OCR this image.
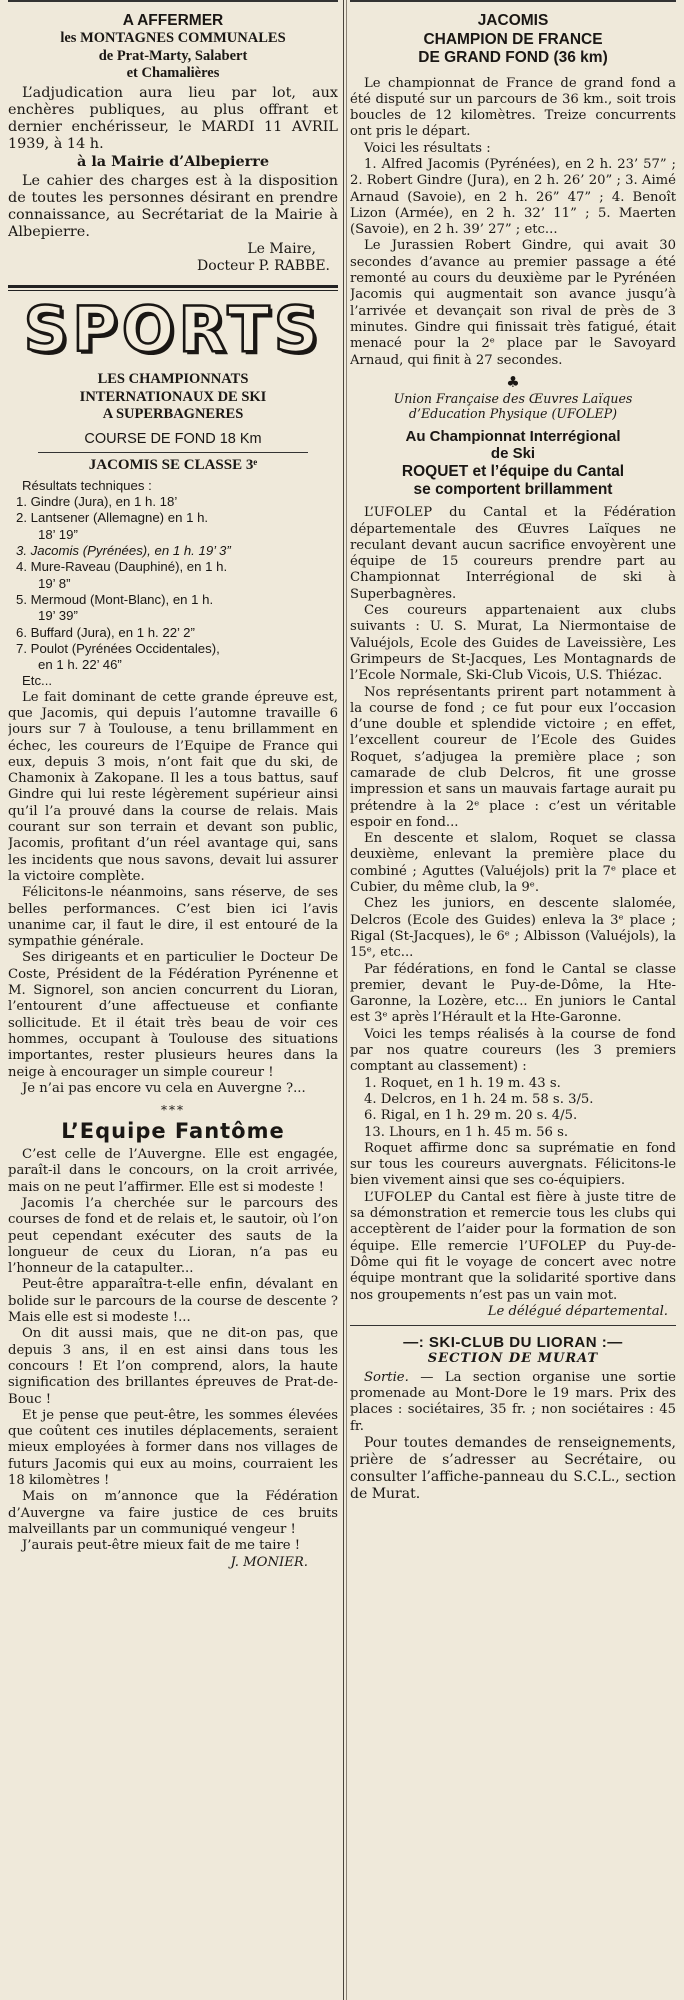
A AFFERMER
les MONTAGNES COMMUNALES
de Prat-Marty, Salabert
et Chamalières

L’adjudication aura lieu par lot, aux enchères publiques, au plus offrant et dernier enchérisseur, le MARDI 11 AVRIL 1939, à 14 h.

à la Mairie d’Albepierre

Le cahier des charges est à la disposition de toutes les personnes désirant en prendre connaissance, au Secrétariat de la Mairie à Albepierre.

Le Maire,

Docteur P. RABBE.

SPORTS
LES CHAMPIONNATS
INTERNATIONAUX DE SKI
A SUPERBAGNERES
COURSE DE FOND 18 Km
JACOMIS SE CLASSE 3ᵉ
Résultats techniques :
1. Gindre (Jura), en 1 h. 18’
2. Lantsener (Allemagne) en 1 h.
18’ 19”
3. Jacomis (Pyrénées), en 1 h. 19’ 3”
4. Mure-Raveau (Dauphiné), en 1 h.
19’ 8”
5. Mermoud (Mont-Blanc), en 1 h.
19’ 39”
6. Buffard (Jura), en 1 h. 22’ 2”
7. Poulot (Pyrénées Occidentales),
en 1 h. 22’ 46”
Etc...

Le fait dominant de cette grande épreuve est, que Jacomis, qui depuis l’automne travaille 6 jours sur 7 à Toulouse, a tenu brillamment en échec, les coureurs de l’Equipe de France qui eux, depuis 3 mois, n’ont fait que du ski, de Chamonix à Zakopane. Il les a tous battus, sauf Gindre qui lui reste légèrement supérieur ainsi qu’il l’a prouvé dans la course de relais. Mais courant sur son terrain et devant son public, Jacomis, profitant d’un réel avantage qui, sans les incidents que nous savons, devait lui assurer la victoire complète.

Félicitons-le néanmoins, sans réserve, de ses belles performances. C’est bien ici l’avis unanime car, il faut le dire, il est entouré de la sympathie générale.

Ses dirigeants et en particulier le Docteur De Coste, Président de la Fédération Pyrénenne et M. Signorel, son ancien concurrent du Lioran, l’entourent d’une affectueuse et confiante sollicitude. Et il était très beau de voir ces hommes, occupant à Toulouse des situations importantes, rester plusieurs heures dans la neige à encourager un simple coureur !

Je n’ai pas encore vu cela en Auvergne ?...

***
L’Equipe Fantôme

C’est celle de l’Auvergne. Elle est engagée, paraît-il dans le concours, on la croit arrivée, mais on ne peut l’affirmer. Elle est si modeste !

Jacomis l’a cherchée sur le parcours des courses de fond et de relais et, le sautoir, où l’on peut cependant exécuter des sauts de la longueur de ceux du Lioran, n’a pas eu l’honneur de la catapulter...

Peut-être apparaîtra-t-elle enfin, dévalant en bolide sur le parcours de la course de descente ? Mais elle est si modeste !...

On dit aussi mais, que ne dit-on pas, que depuis 3 ans, il en est ainsi dans tous les concours ! Et l’on comprend, alors, la haute signification des brillantes épreuves de Prat-de-Bouc !

Et je pense que peut-être, les sommes élevées que coûtent ces inutiles déplacements, seraient mieux employées à former dans nos villages de futurs Jacomis qui eux au moins, courraient les 18 kilomètres !

Mais on m’annonce que la Fédération d’Auvergne va faire justice de ces bruits malveillants par un communiqué vengeur !

J’aurais peut-être mieux fait de me taire !
J. MONIER.
JACOMIS
CHAMPION DE FRANCE
DE GRAND FOND (36 km)

Le championnat de France de grand fond a été disputé sur un parcours de 36 km., soit trois boucles de 12 kilomètres. Treize concurrents ont pris le départ.

Voici les résultats :

1. Alfred Jacomis (Pyrénées), en 2 h. 23’ 57” ; 2. Robert Gindre (Jura), en 2 h. 26’ 20” ; 3. Aimé Arnaud (Savoie), en 2 h. 26” 47” ; 4. Benoît Lizon (Armée), en 2 h. 32’ 11” ; 5. Maerten (Savoie), en 2 h. 39’ 27” ; etc...

Le Jurassien Robert Gindre, qui avait 30 secondes d’avance au premier passage a été remonté au cours du deuxième par le Pyrénéen Jacomis qui augmentait son avance jusqu’à l’arrivée et devançait son rival de près de 3 minutes. Gindre qui finissait très fatigué, était menacé pour la 2ᵉ place par le Savoyard Arnaud, qui finit à 27 secondes.

♣
Union Française des Œuvres Laïques
d’Education Physique (UFOLEP)
Au Championnat Interrégional
de Ski
ROQUET et l’équipe du Cantal
se comportent brillamment

L’UFOLEP du Cantal et la Fédération départementale des Œuvres Laïques ne reculant devant aucun sacrifice envoyèrent une équipe de 15 coureurs prendre part au Championnat Interrégional de ski à Superbagnères.

Ces coureurs appartenaient aux clubs suivants : U. S. Murat, La Niermontaise de Valuéjols, Ecole des Guides de Laveissière, Les Grimpeurs de St-Jacques, Les Montagnards de l’Ecole Normale, Ski-Club Vicois, U.S. Thiézac.

Nos représentants prirent part notamment à la course de fond ; ce fut pour eux l’occasion d’une double et splendide victoire ; en effet, l’excellent coureur de l’Ecole des Guides Roquet, s’adjugea la première place ; son camarade de club Delcros, fit une grosse impression et sans un mauvais fartage aurait pu prétendre à la 2ᵉ place : c’est un véritable espoir en fond...

En descente et slalom, Roquet se classa deuxième, enlevant la première place du combiné ; Aguttes (Valuéjols) prit la 7ᵉ place et Cubier, du même club, la 9ᵉ.

Chez les juniors, en descente slalomée, Delcros (Ecole des Guides) enleva la 3ᵉ place ; Rigal (St-Jacques), le 6ᵉ ; Albisson (Valuéjols), la 15ᵉ, etc...

Par fédérations, en fond le Cantal se classe premier, devant le Puy-de-Dôme, la Hte-Garonne, la Lozère, etc... En juniors le Cantal est 3ᵉ après l’Hérault et la Hte-Garonne.

Voici les temps réalisés à la course de fond par nos quatre coureurs (les 3 premiers comptant au classement) :

1. Roquet, en 1 h. 19 m. 43 s.
4. Delcros, en 1 h. 24 m. 58 s. 3/5.
6. Rigal, en 1 h. 29 m. 20 s. 4/5.
13. Lhours, en 1 h. 45 m. 56 s.

Roquet affirme donc sa suprématie en fond sur tous les coureurs auvergnats. Félicitons-le bien vivement ainsi que ses co-équipiers.

L’UFOLEP du Cantal est fière à juste titre de sa démonstration et remercie tous les clubs qui acceptèrent de l’aider pour la formation de son équipe. Elle remercie l’UFOLEP du Puy-de-Dôme qui fit le voyage de concert avec notre équipe montrant que la solidarité sportive dans nos groupements n’est pas un vain mot.

Le délégué départemental.
—: SKI-CLUB DU LIORAN :—
SECTION DE MURAT

Sortie. — La section organise une sortie promenade au Mont-Dore le 19 mars. Prix des places : sociétaires, 35 fr. ; non sociétaires : 45 fr.

Pour toutes demandes de renseignements, prière de s’adresser au Secrétaire, ou consulter l’affiche-panneau du S.C.L., section de Murat.
